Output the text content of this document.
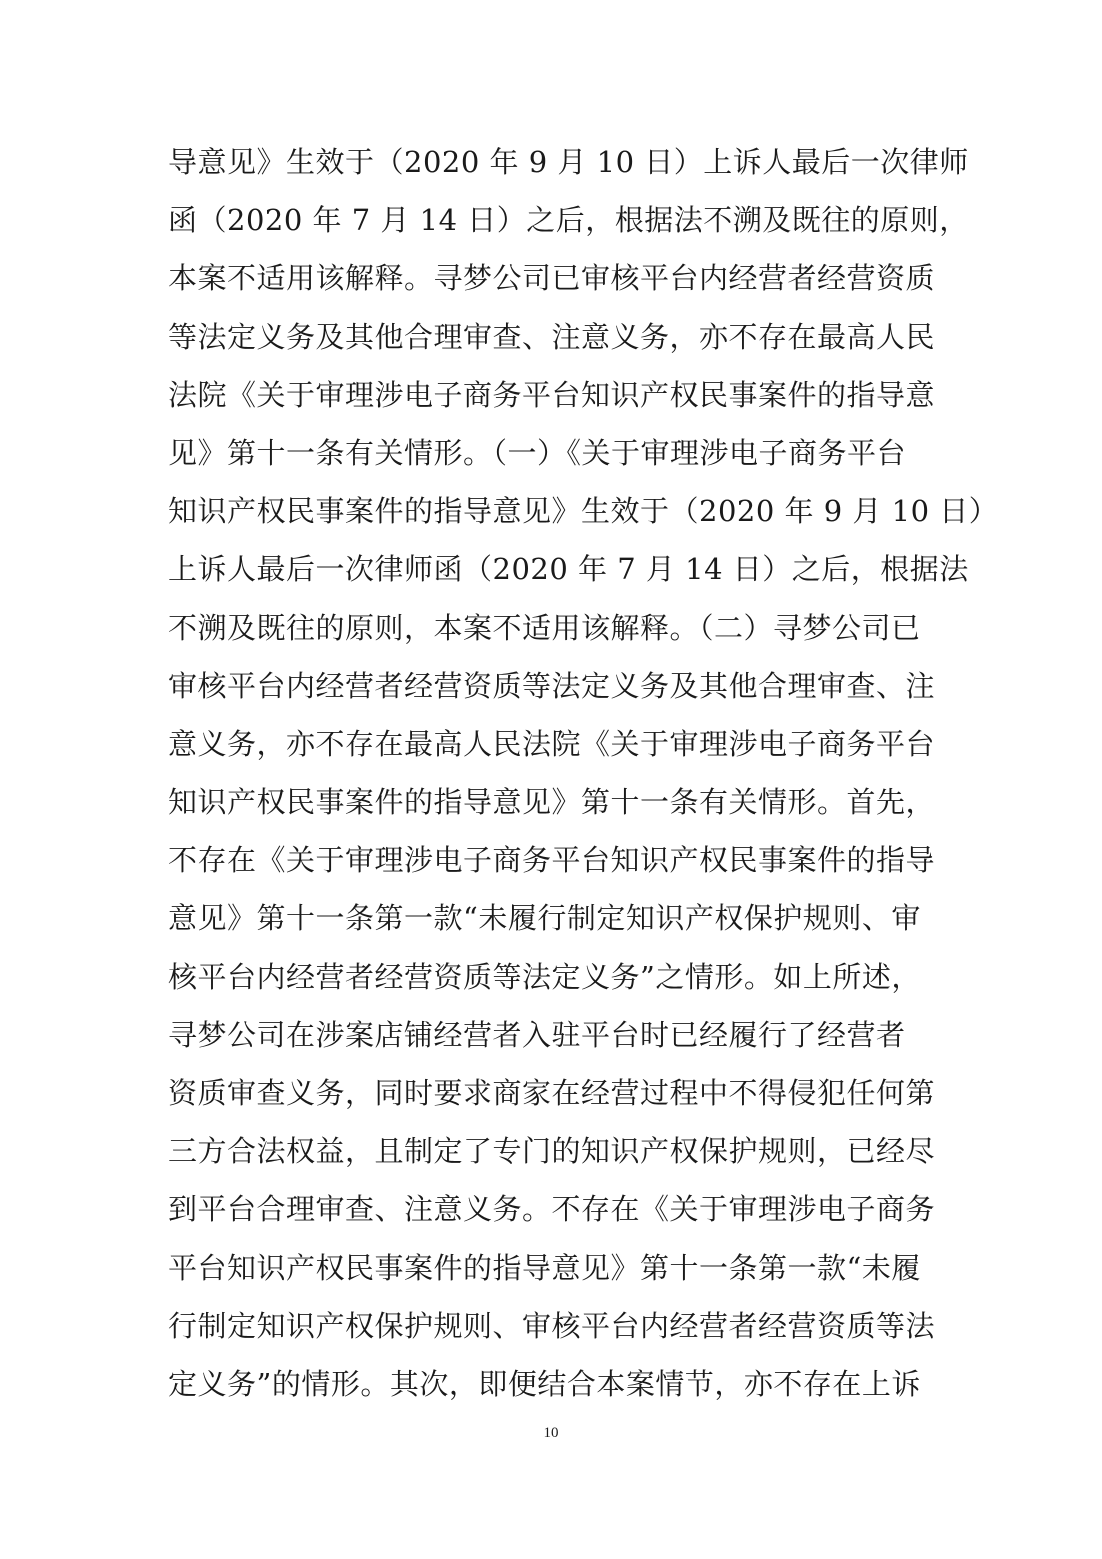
导意见》生效于（2020 年 9 月 10 日）上诉人最后一次律师
函（2020 年 7 月 14 日）之后，根据法不溯及既往的原则，
本案不适用该解释。寻梦公司已审核平台内经营者经营资质
等法定义务及其他合理审查、注意义务，亦不存在最高人民
法院《关于审理涉电子商务平台知识产权民事案件的指导意
见》第十一条有关情形。（一）《关于审理涉电子商务平台
知识产权民事案件的指导意见》生效于（2020 年 9 月 10 日）
上诉人最后一次律师函（2020 年 7 月 14 日）之后，根据法
不溯及既往的原则，本案不适用该解释。（二）寻梦公司已
审核平台内经营者经营资质等法定义务及其他合理审查、注
意义务，亦不存在最高人民法院《关于审理涉电子商务平台
知识产权民事案件的指导意见》第十一条有关情形。首先，
不存在《关于审理涉电子商务平台知识产权民事案件的指导
意见》第十一条第一款“未履行制定知识产权保护规则、审
核平台内经营者经营资质等法定义务”之情形。如上所述，
寻梦公司在涉案店铺经营者入驻平台时已经履行了经营者
资质审查义务，同时要求商家在经营过程中不得侵犯任何第
三方合法权益，且制定了专门的知识产权保护规则，已经尽
到平台合理审查、注意义务。不存在《关于审理涉电子商务
平台知识产权民事案件的指导意见》第十一条第一款“未履
行制定知识产权保护规则、审核平台内经营者经营资质等法
定义务”的情形。其次，即便结合本案情节，亦不存在上诉
10
